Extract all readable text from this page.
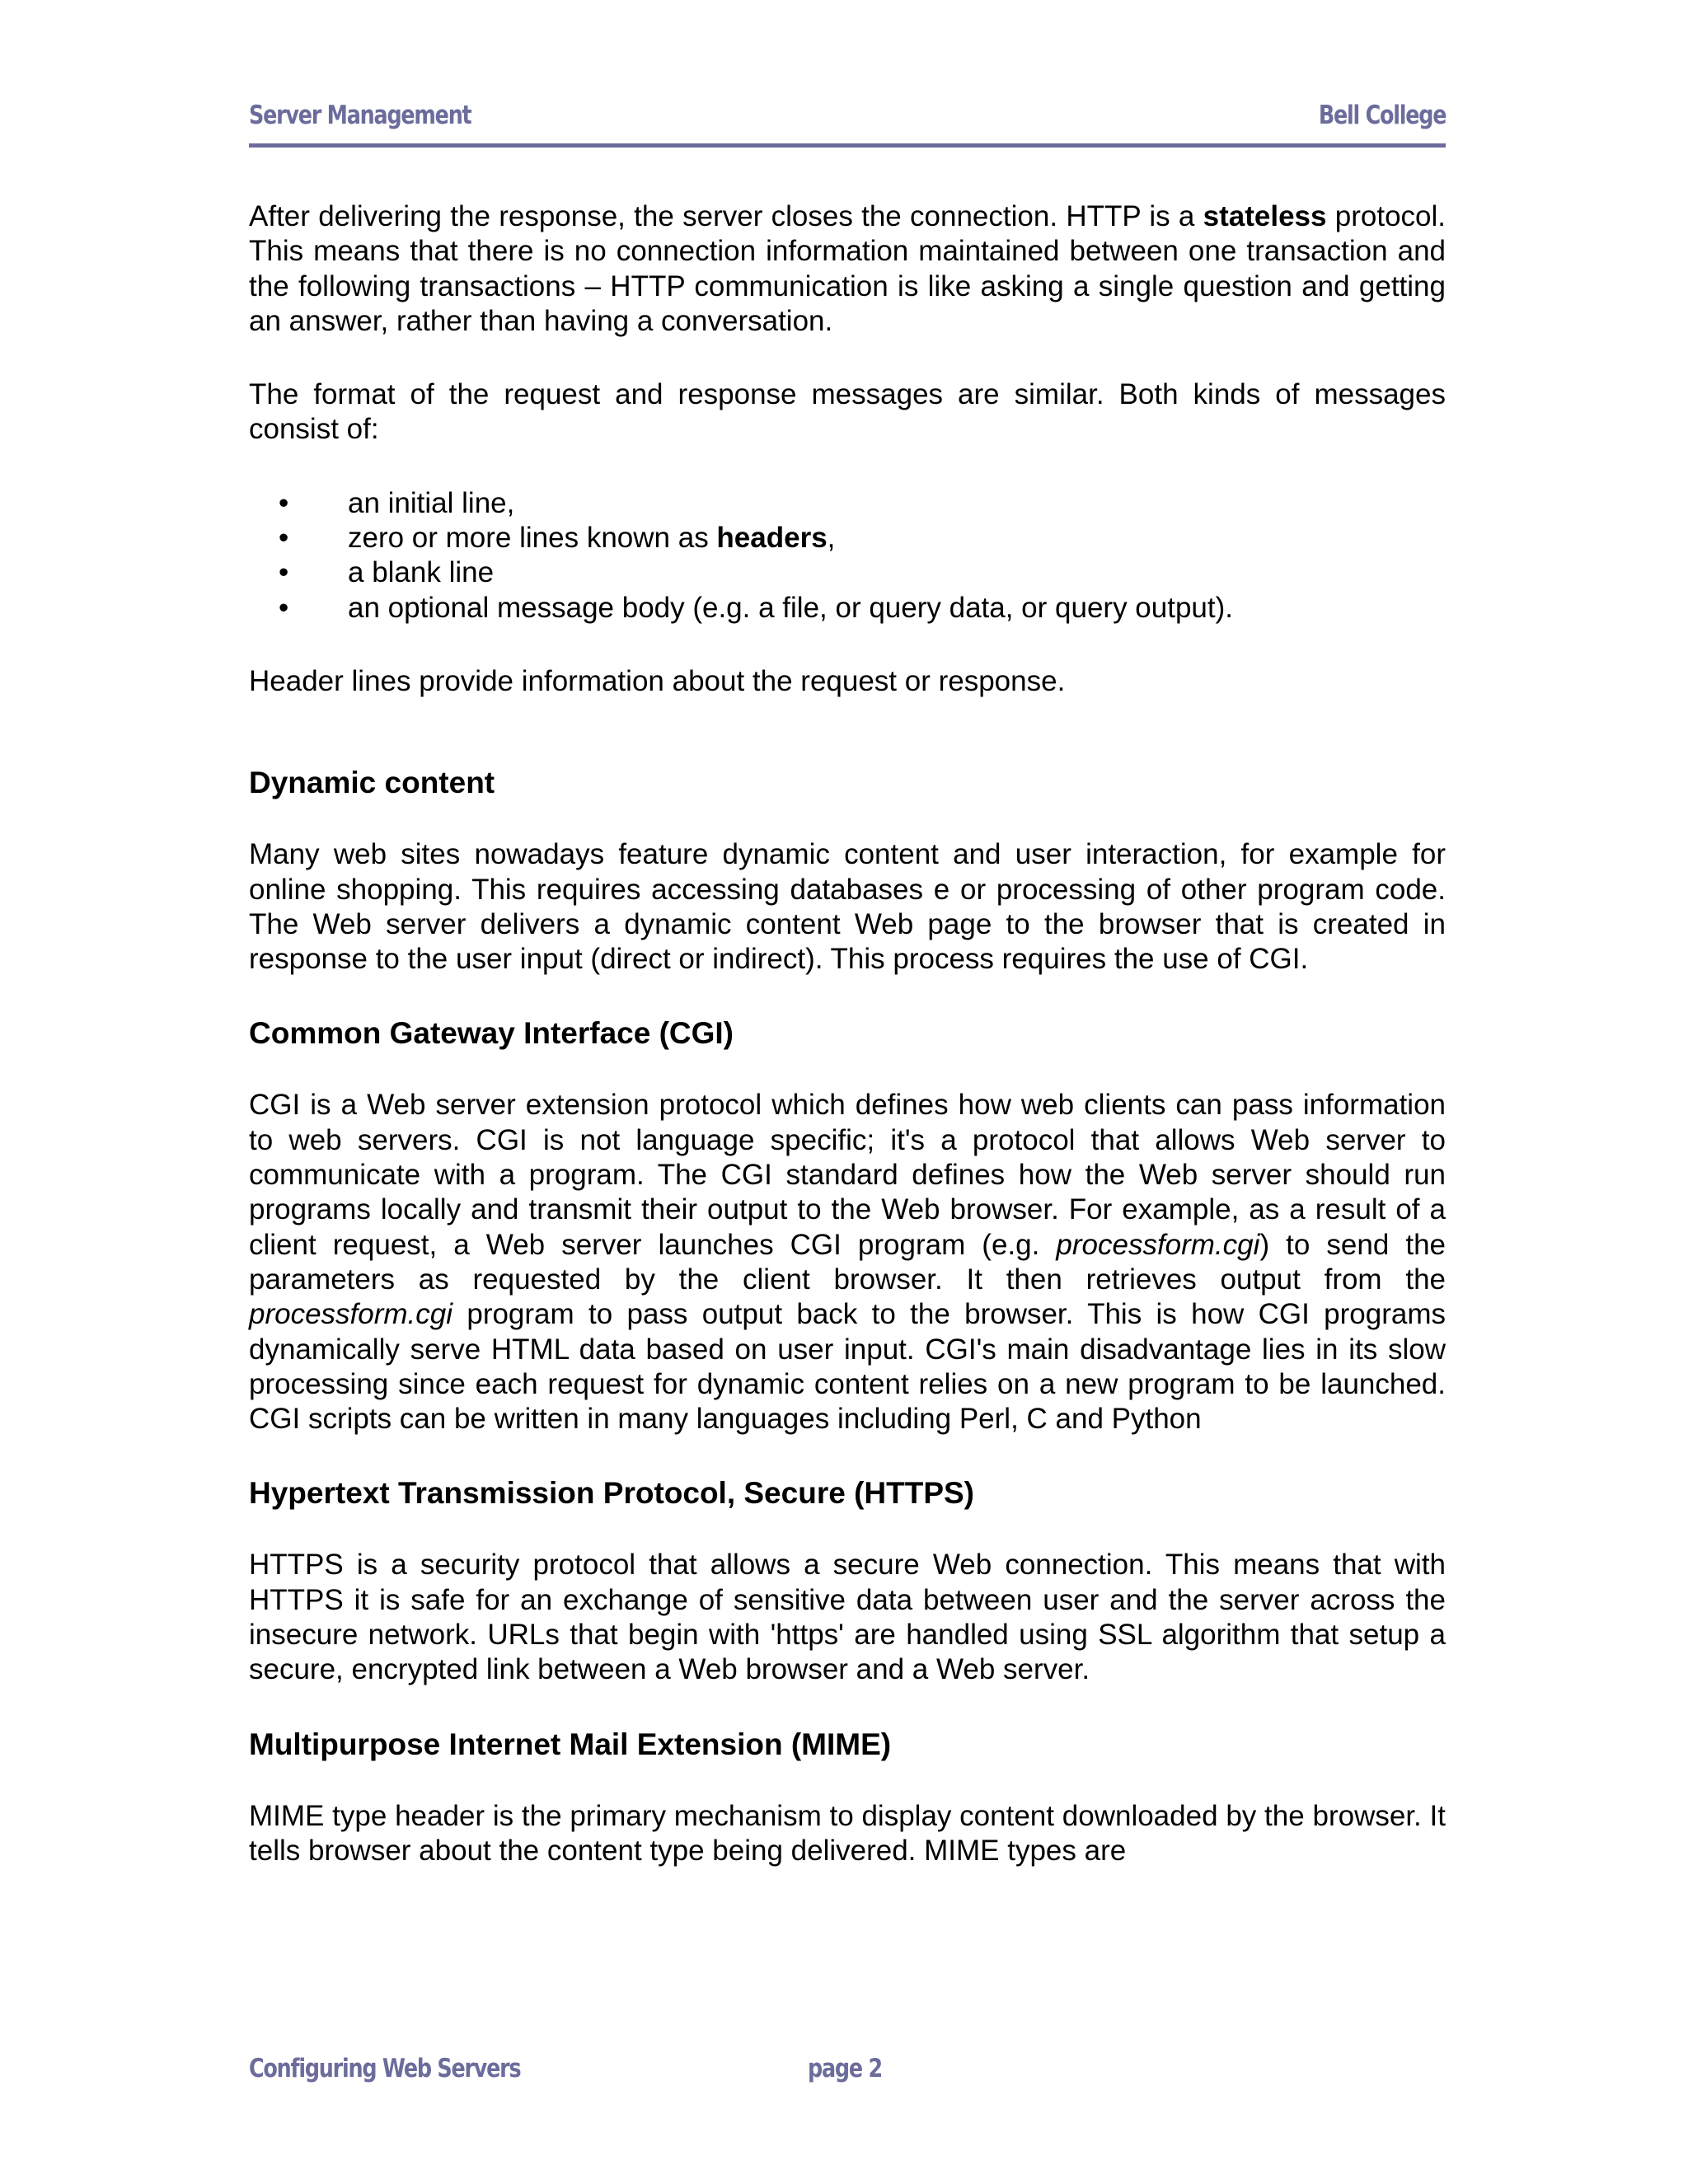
Server Management	Bell College

After delivering the response, the server closes the connection. HTTP is a stateless protocol. This means that there is no connection information maintained between one transaction and the following transactions – HTTP communication is like asking a single question and getting an answer, rather than having a conversation.

The format of the request and response messages are similar. Both kinds of messages consist of:

• an initial line,
• zero or more lines known as headers,
• a blank line
• an optional message body (e.g. a file, or query data, or query output).

Header lines provide information about the request or response.

Dynamic content

Many web sites nowadays feature dynamic content and user interaction, for example for online shopping. This requires accessing databases e or processing of other program code. The Web server delivers a dynamic content Web page to the browser that is created in response to the user input (direct or indirect). This process requires the use of CGI.

Common Gateway Interface (CGI)

CGI is a Web server extension protocol which defines how web clients can pass information to web servers. CGI is not language specific; it's a protocol that allows Web server to communicate with a program. The CGI standard defines how the Web server should run programs locally and transmit their output to the Web browser. For example, as a result of a client request, a Web server launches CGI program (e.g. processform.cgi) to send the parameters as requested by the client browser. It then retrieves output from the processform.cgi program to pass output back to the browser. This is how CGI programs dynamically serve HTML data based on user input. CGI's main disadvantage lies in its slow processing since each request for dynamic content relies on a new program to be launched. CGI scripts can be written in many languages including Perl, C and Python

Hypertext Transmission Protocol, Secure (HTTPS)

HTTPS is a security protocol that allows a secure Web connection. This means that with HTTPS it is safe for an exchange of sensitive data between user and the server across the insecure network. URLs that begin with 'https' are handled using SSL algorithm that setup a secure, encrypted link between a Web browser and a Web server.

Multipurpose Internet Mail Extension (MIME)

MIME type header is the primary mechanism to display content downloaded by the browser. It tells browser about the content type being delivered. MIME types are

Configuring Web Servers	page 2
